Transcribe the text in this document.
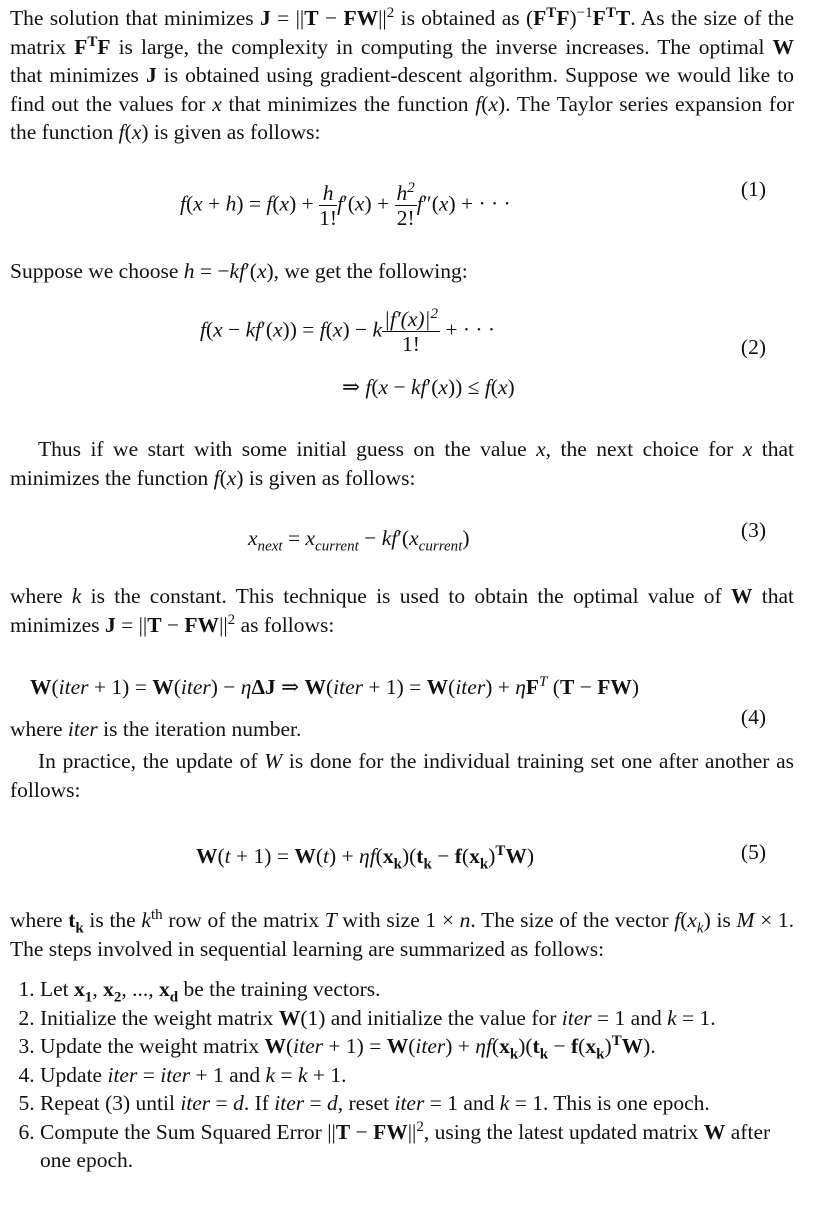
The solution that minimizes $J = ||T - FW||^2$ is obtained as $(F^TF)^{-1}F^TT$. As the size of the matrix $F^TF$ is large, the complexity in computing the inverse increases. The optimal W that minimizes J is obtained using gradient-descent algorithm. Suppose we would like to find out the values for x that minimizes the function f(x). The Taylor series expansion for the function f(x) is given as follows:

$f(x + h) = f(x) + \frac{h}{1!} f'(x) + \frac{h^2}{2!} f''(x)$ + · · ·
(1)

Suppose we choose h = −kf′(x), we get the following:

f(x − kf′(x)) = f(x) − k $\frac{|f'(x)|^2}{1!}$ + · · ·
⇒ f(x − kf′(x)) ≤ f(x)
(2)

Thus if we start with some initial guess on the value x, the next choice for x that minimizes the function f(x) is given as follows:

$x_{next} = x_{current} - kf'(x_{current})$	(3)

where k is the constant. This technique is used to obtain the optimal value of W that minimizes $J = ||T - FW||^2$ as follows:

W(iter + 1) = W(iter) − ηΔJ ⇒ W(iter + 1) = W(iter) + $\eta F^T$ (T − FW)
where iter is the iteration number.	(4)

In practice, the update of W is done for the individual training set one after another as follows:

$W(t + 1) = W(t) + \eta f(x_k)(t_k - f(x_k)^TW)$	(5)

where $t_k$ is the $k^{th}$ row of the matrix T with size 1 × n. The size of the vector $f(x_k)$ is M × 1. The steps involved in sequential learning are summarized as follows:

1. Let $x_1$, $x_2$, ..., $x_d$ be the training vectors.
2. Initialize the weight matrix W(1) and initialize the value for iter = 1 and k = 1.
3. Update the weight matrix W(iter + 1) = W(iter) + $\eta f(x_k)(t_k - f(x_k)^TW)$.
4. Update iter = iter + 1 and k = k + 1.
5. Repeat (3) until iter = d. If iter = d, reset iter = 1 and k = 1. This is one epoch.
6. Compute the Sum Squared Error $||T - FW||^2$, using the latest updated matrix W after one epoch.
